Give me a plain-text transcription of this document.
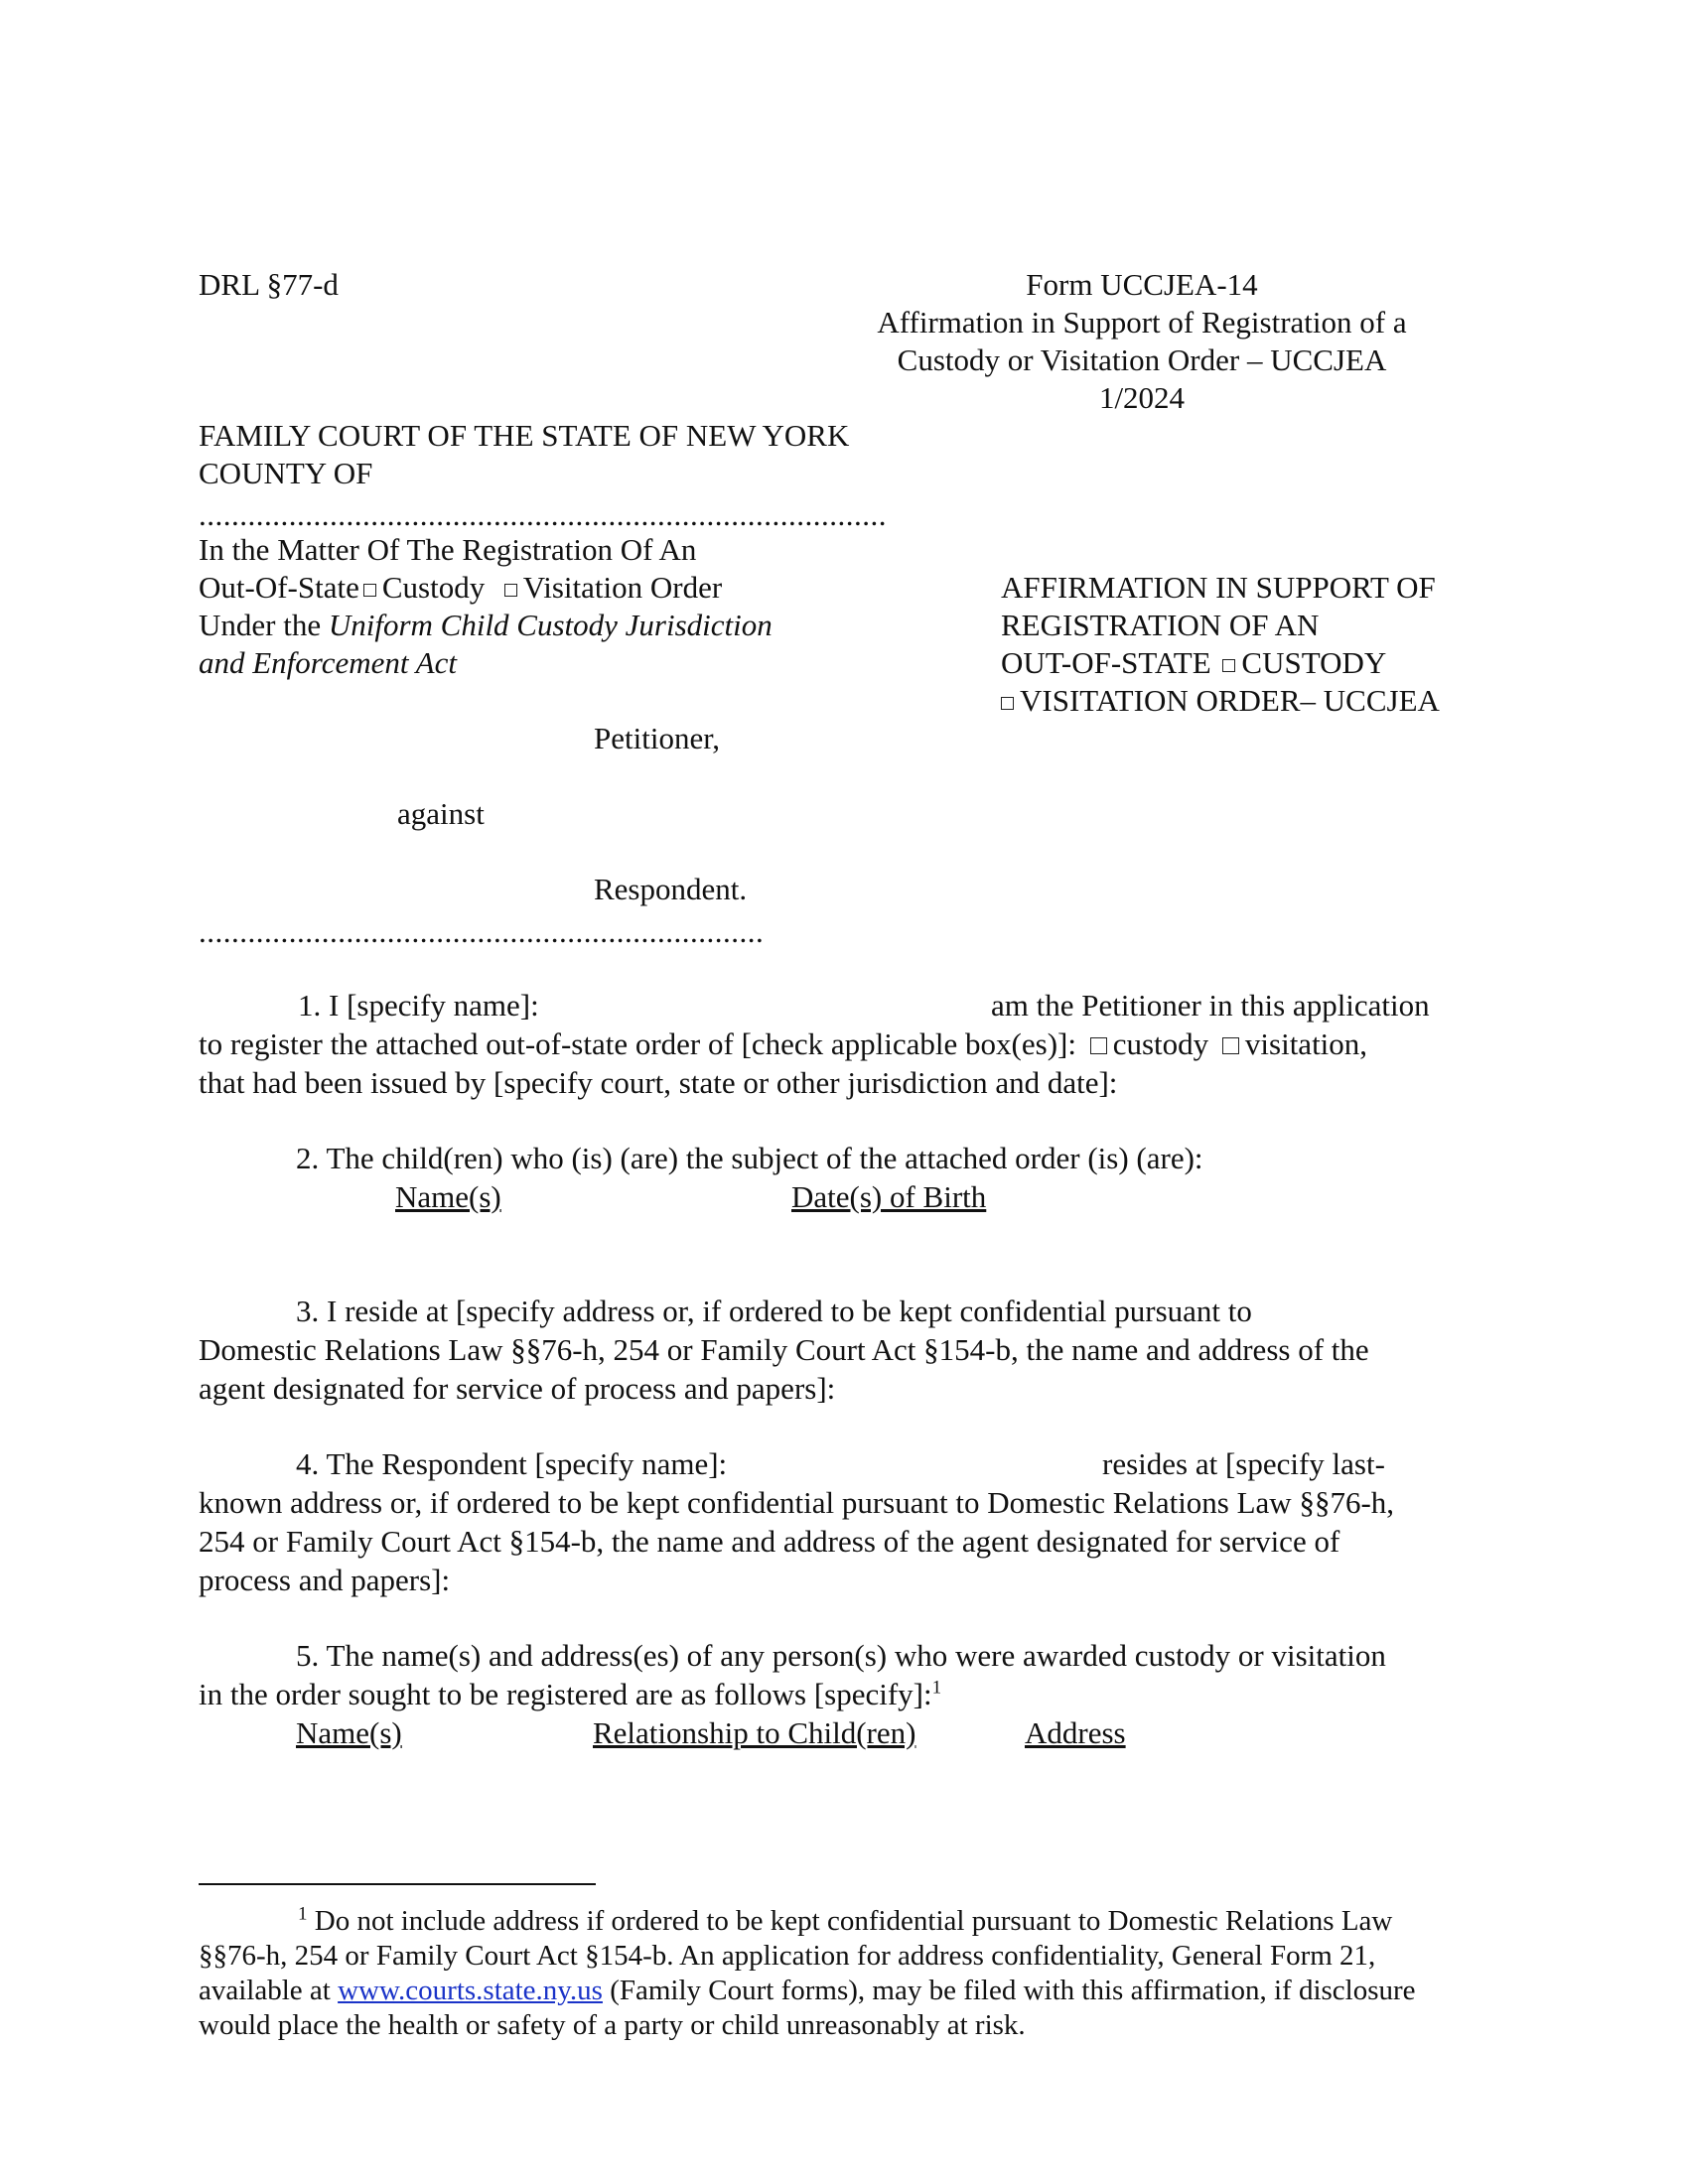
DRL §77-d	Form UCCJEA-14
Affirmation in Support of Registration of a
Custody or Visitation Order – UCCJEA
1/2024
FAMILY COURT OF THE STATE OF NEW YORK
COUNTY OF
....................................................................................
In the Matter Of The Registration Of An
Out-Of-State Custody Visitation Order
Under the Uniform Child Custody Jurisdiction
and Enforcement Act
Petitioner,
against
Respondent.
.....................................................................
AFFIRMATION IN SUPPORT OF
REGISTRATION OF AN
OUT-OF-STATE CUSTODY
VISITATION ORDER– UCCJEA
1. I [specify name]:	am the Petitioner in this application
to register the attached out-of-state order of [check applicable box(es)]: custody visitation,
that had been issued by [specify court, state or other jurisdiction and date]:
2. The child(ren) who (is) (are) the subject of the attached order (is) (are):
Name(s)	Date(s) of Birth
3. I reside at [specify address or, if ordered to be kept confidential pursuant to
Domestic Relations Law §§76-h, 254 or Family Court Act §154-b, the name and address of the
agent designated for service of process and papers]:
4. The Respondent [specify name]:	resides at [specify last-
known address or, if ordered to be kept confidential pursuant to Domestic Relations Law §§76-h,
254 or Family Court Act §154-b, the name and address of the agent designated for service of
process and papers]:
5. The name(s) and address(es) of any person(s) who were awarded custody or visitation
in the order sought to be registered are as follows [specify]:$^1$
Name(s)	Relationship to Child(ren)	Address
$^1$ Do not include address if ordered to be kept confidential pursuant to Domestic Relations Law
§§76-h, 254 or Family Court Act §154-b. An application for address confidentiality, General Form 21,
available at www.courts.state.ny.us (Family Court forms), may be filed with this affirmation, if disclosure
would place the health or safety of a party or child unreasonably at risk.
